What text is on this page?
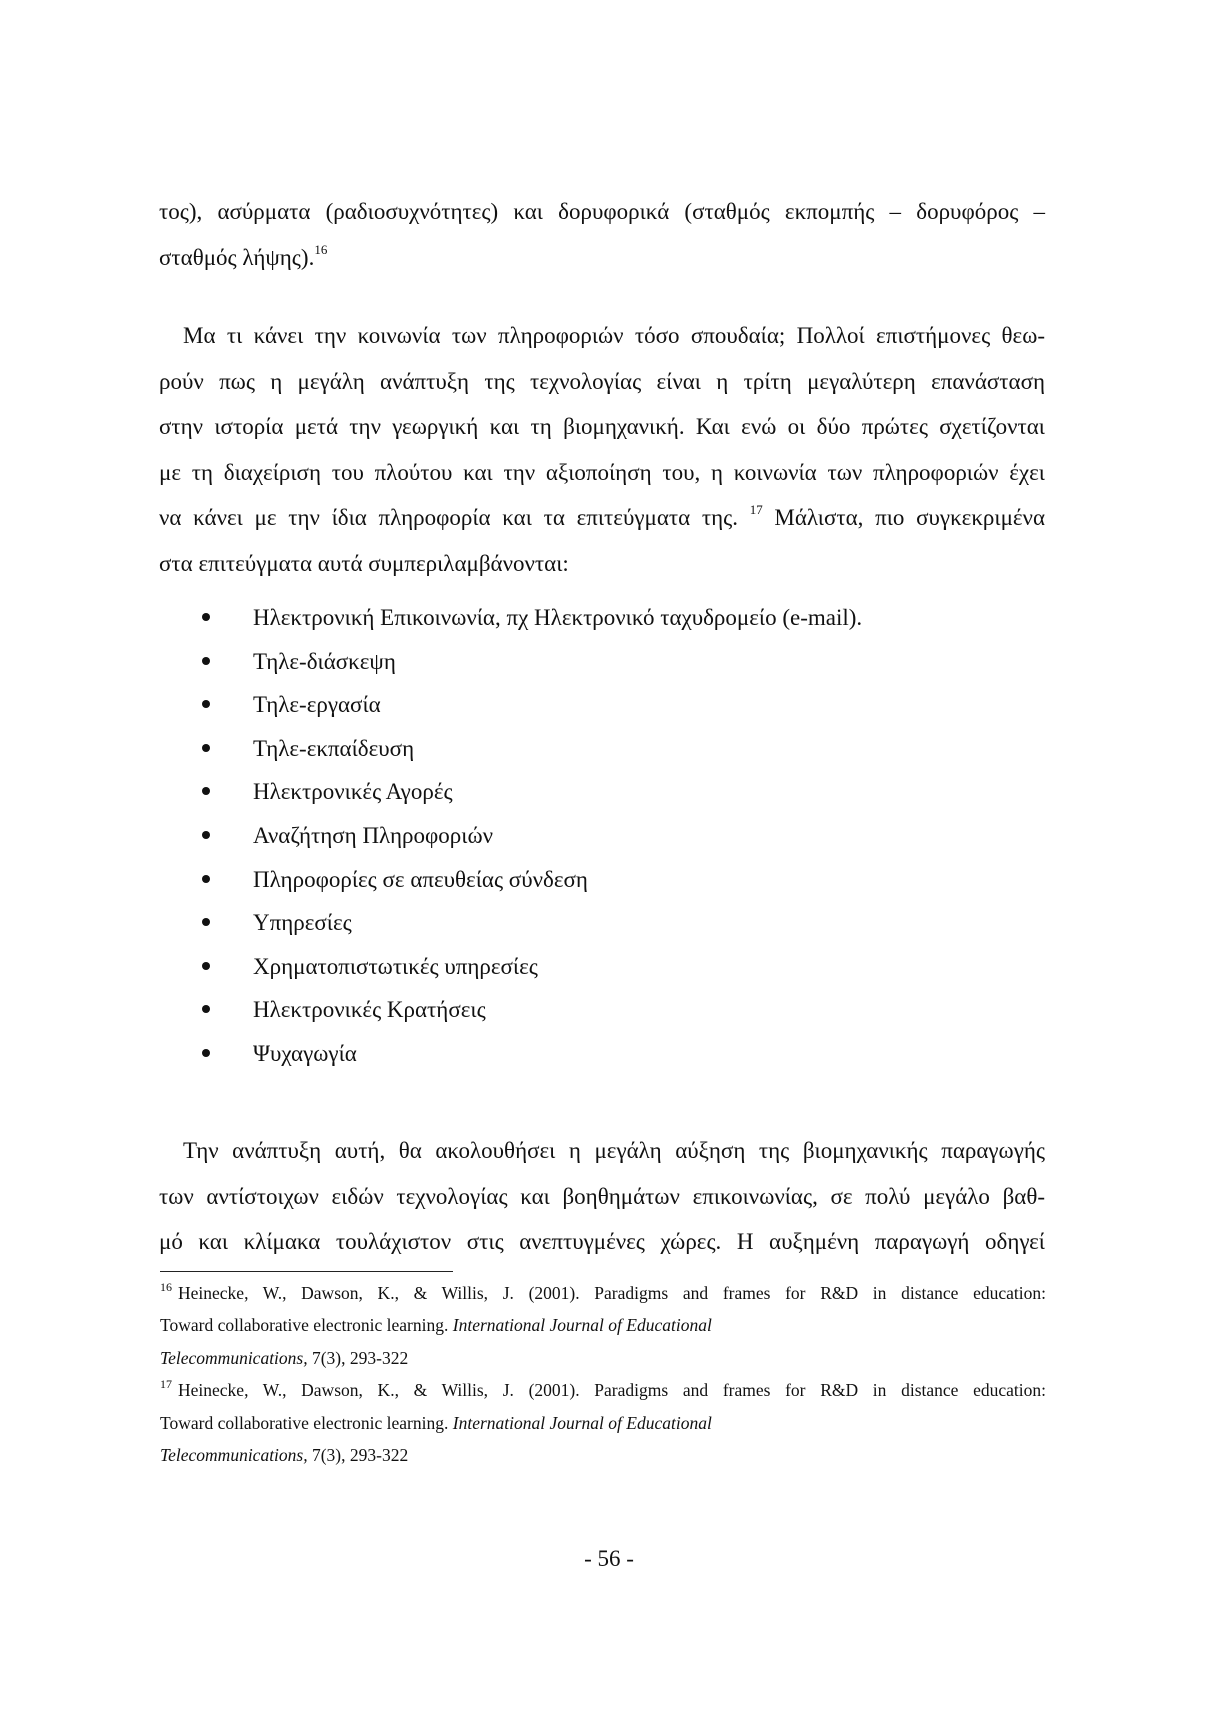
τος), ασύρματα (ραδιοσυχνότητες) και δορυφορικά (σταθμός εκπομπής – δορυφόρος –
σταθμός λήψης).$^{16}$
Μα τι κάνει την κοινωνία των πληροφοριών τόσο σπουδαία; Πολλοί επιστήμονες θεω-
ρούν πως η μεγάλη ανάπτυξη της τεχνολογίας είναι η τρίτη μεγαλύτερη επανάσταση
στην ιστορία μετά την γεωργική και τη βιομηχανική. Και ενώ οι δύο πρώτες σχετίζονται
με τη διαχείριση του πλούτου και την αξιοποίηση του, η κοινωνία των πληροφοριών έχει
να κάνει με την ίδια πληροφορία και τα επιτεύγματα της. $^{17}$ Μάλιστα, πιο συγκεκριμένα
στα επιτεύγματα αυτά συμπεριλαμβάνονται:
Ηλεκτρονική Επικοινωνία, πχ Ηλεκτρονικό ταχυδρομείο (e-mail).
Τηλε-διάσκεψη
Τηλε-εργασία
Τηλε-εκπαίδευση
Ηλεκτρονικές Αγορές
Αναζήτηση Πληροφοριών
Πληροφορίες σε απευθείας σύνδεση
Υπηρεσίες
Χρηματοπιστωτικές υπηρεσίες
Ηλεκτρονικές Κρατήσεις
Ψυχαγωγία
Την ανάπτυξη αυτή, θα ακολουθήσει η μεγάλη αύξηση της βιομηχανικής παραγωγής
των αντίστοιχων ειδών τεχνολογίας και βοηθημάτων επικοινωνίας, σε πολύ μεγάλο βαθ-
μό και κλίμακα τουλάχιστον στις ανεπτυγμένες χώρες. Η αυξημένη παραγωγή οδηγεί
$^{16}$ Heinecke, W., Dawson, K., & Willis, J. (2001). Paradigms and frames for R&D in distance education:
Toward collaborative electronic learning. International Journal of Educational
Telecommunications, 7(3), 293-322
$^{17}$ Heinecke, W., Dawson, K., & Willis, J. (2001). Paradigms and frames for R&D in distance education:
Toward collaborative electronic learning. International Journal of Educational
Telecommunications, 7(3), 293-322
- 56 -
